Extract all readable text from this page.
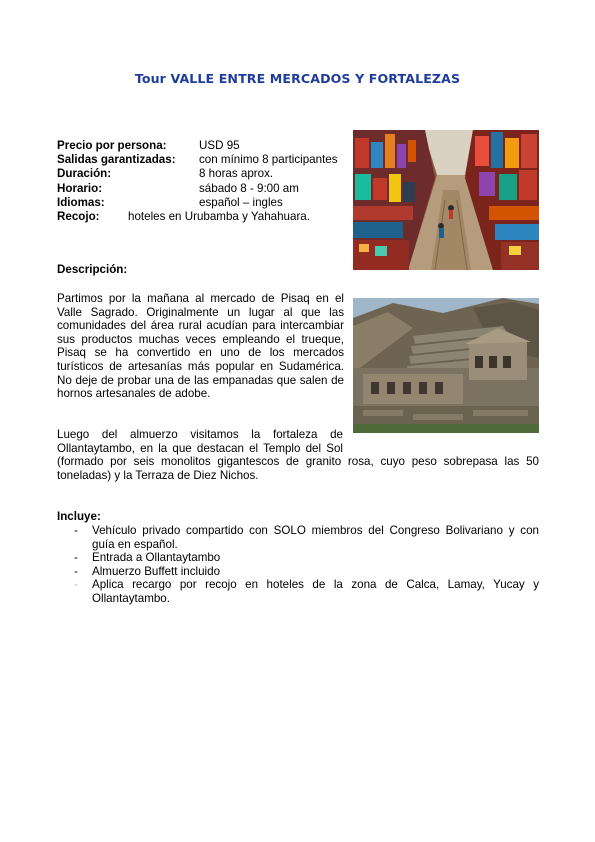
Tour VALLE ENTRE MERCADOS Y FORTALEZAS
Precio por persona:	USD 95
Salidas garantizadas: con mínimo 8 participantes
Duración:	8 horas aprox.
Horario:	sábado 8 - 9:00 am
Idiomas:	español – ingles
Recojo: hoteles en Urubamba y Yahahuara.
Descripción:
Partimos por la mañana al mercado de Pisaq en el Valle Sagrado. Originalmente un lugar al que las comunidades del área rural acudían para intercambiar sus productos muchas veces empleando el trueque, Pisaq se ha convertido en uno de los mercados turísticos de artesanías más popular en Sudamérica. No deje de probar una de las empanadas que salen de hornos artesanales de adobe.
Luego del almuerzo visitamos la fortaleza de Ollantaytambo, en la que destacan el Templo del Sol (formado por seis monolitos gigantescos de granito rosa, cuyo peso sobrepasa las 50 toneladas) y la Terraza de Diez Nichos.
Incluye:
- Vehículo privado compartido con SOLO miembros del Congreso Bolivariano y con guía en español.
- Entrada a Ollantaytambo
- Almuerzo Buffett incluido
- Aplica recargo por recojo en hoteles de la zona de Calca, Lamay, Yucay y Ollantaytambo.
